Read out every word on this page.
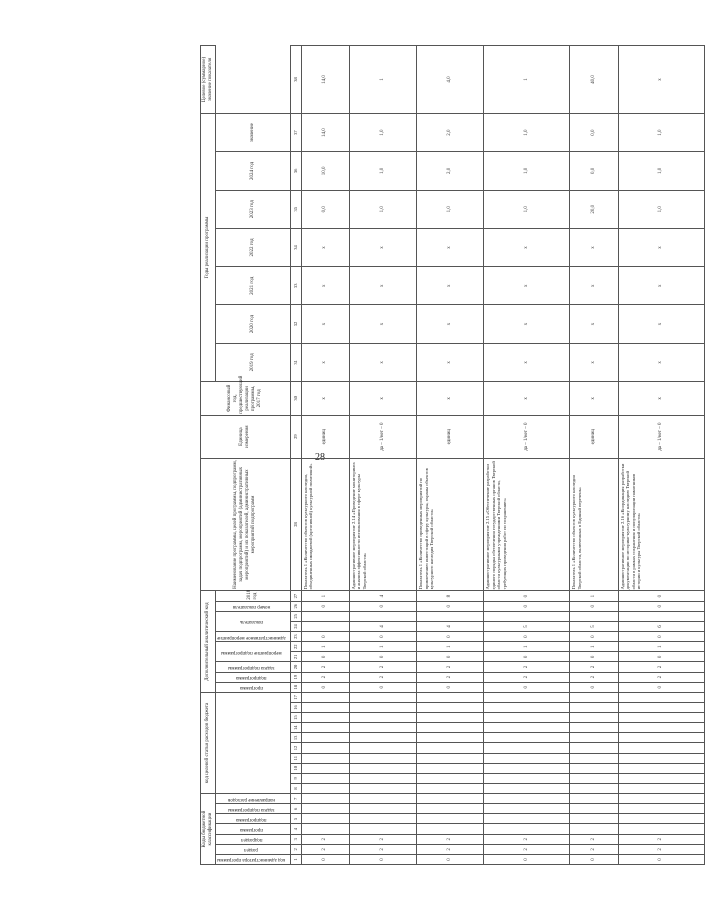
28
Коды бюджетной классификации							код целевой статьи расходов бюджета										Дополнительный аналитический код										Наименование программы, целей программы, подпрограмм, задач подпрограмм, мероприятий (административных мероприятий) и их показателей, административных мероприятий подпрограмм	Единица измерения	Финансовый год, предшествующий реализации программы, 2017 год	Годы реализации программы							Целевое (суммарное) значение показателя
код администратора программы	раздел	подраздел	программа	подпрограмма	задача подпрограммы	направление расходов											программа	подпрограмма	задача подпрограммы	мероприятие подпрограммы		административное мероприятие	показатель		номер показателя	2018 год				2019 год	2020 год	2021 год	2022 год	2023 год	2024 год	значение	
1	2	3	4	5	6	7	8	9	10	11	12	13	14	15	16	17	18	19	20	21	22	23	24	25	26	27	28	29	30	31	32	33	34	35	36	37	38
0	2	2															0	2	2	0	1	0			0	1	Показатель 1 «Количество объектов культурного наследия, объединенных имиджевой (креативной) культурной политикой»	единиц	х	х	х	х	х	0,0	10,0	14,0	14,0
0	2	2															0	2	2	0	1	0	4		0	4	Административное мероприятие 2.14 «Проведение мониторинга и анализа эффективности использования в сфере культуры Тверской области»	да – 1/нет – 0	х	х	х	х	х	1,0	1,0	1,0	1
0	2	2															0	2	2	0	1	0	4		0	8	Показатель 1 «Количество проведенных мероприятий по привлечению инвестиций в сферу культуры, охраны объектов культурного наследия Тверской области»	единиц	х	х	х	х	х	1,0	2,0	2,0	4,0
0	2	2															0	2	2	0	1	0	5		0	0	Административное мероприятие 2.15 «Обеспечение разработки единого порядка обеспечения государственных органов Тверской области культурными учреждениями Тверской области, требующих проведения работ по сохранению»	да – 1/нет – 0	х	х	х	х	х	1,0	1,0	1,0	1
0	2	2															0	2	2	0	1	0	5		0	1	Показатель 1 «Количество объектов культурного наследия Тверской области, включенных в Единый перечень»	единиц	х	х	х	х	х	20,0	0,0	0,0	40,0
0	2	2															0	2	2	0	1	0	6		0	0	Административное мероприятие 2.16 «Координация разработки документации по историко-культурному наследию Тверской области в рамках сохранения и популяризации памятников истории и культуры Тверской области»	да – 1/нет – 0	х	х	х	х	х	1,0	1,0	1,0	х
